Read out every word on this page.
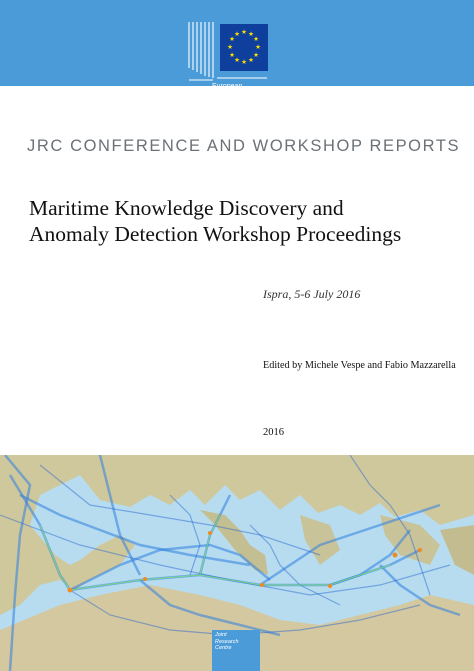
★ ★
★
★
★
★
★
★
★
★
★
★
European
Commission
JRC CONFERENCE AND WORKSHOP REPORTS
Maritime Knowledge Discovery and
Anomaly Detection Workshop Proceedings
Ispra, 5-6 July 2016
Edited by Michele Vespe and Fabio Mazzarella
2016
Joint
Research
Centre
